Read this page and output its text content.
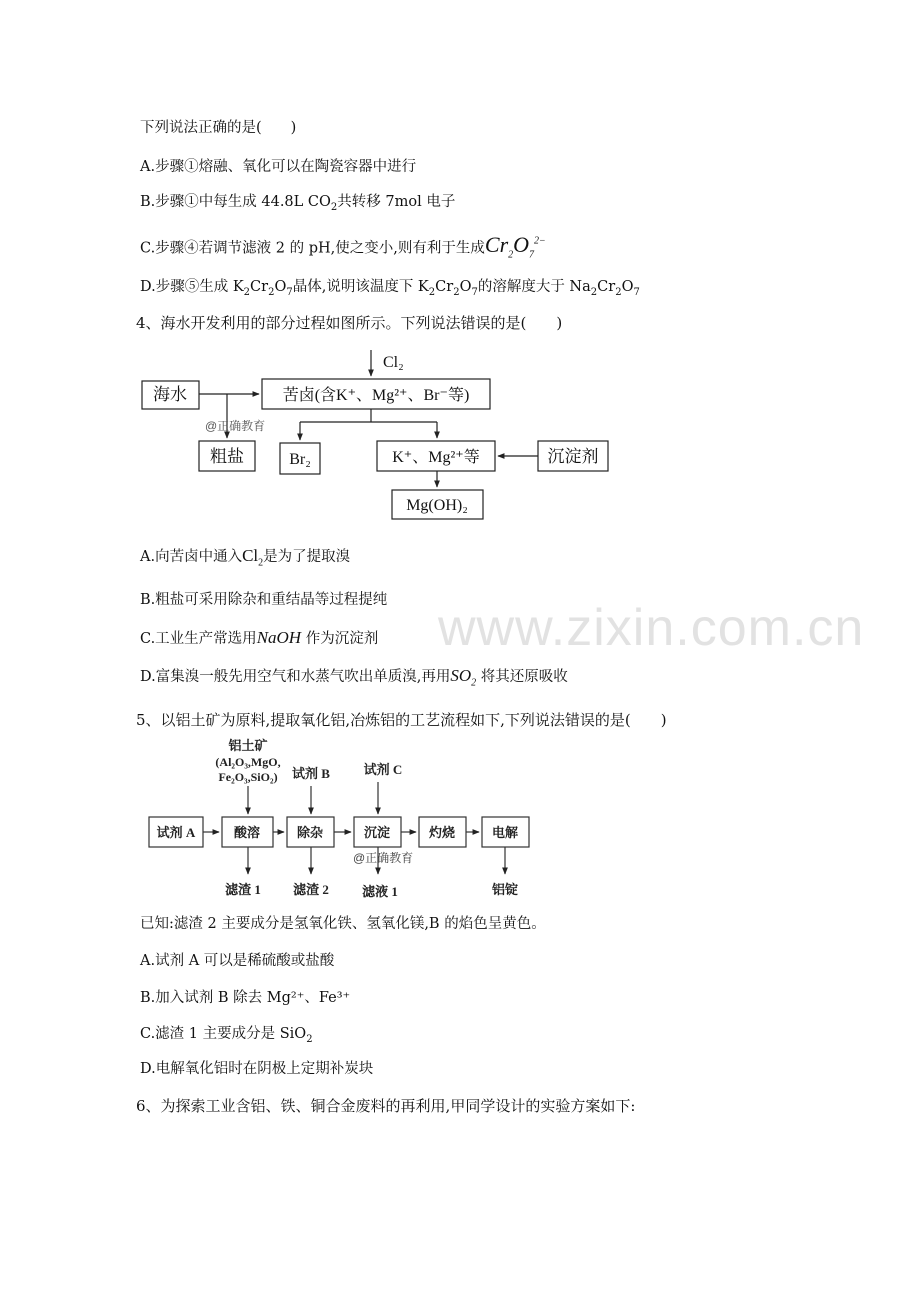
下列说法正确的是(　　)
A.步骤①熔融、氧化可以在陶瓷容器中进行
B.步骤①中每生成 44.8L $CO_2$共转移 7mol 电子
C.步骤④若调节滤液 2 的 pH,使之变小,则有利于生成$Cr_2O_7^{2-}$
D.步骤⑤生成 $K_2Cr_2O_7$晶体,说明该温度下 $K_2Cr_2O_7$的溶解度大于 $Na_2Cr_2O_7$
4、海水开发利用的部分过程如图所示。下列说法错误的是(　　)
Cl₂
海水	苦卤(含K⁺、Mg²⁺、Br⁻等)
粗盐	Br₂	K⁺、Mg²⁺等	沉淀剂
Mg(OH)₂
@正确教育
A.向苦卤中通入$Cl_2$是为了提取溴
B.粗盐可采用除杂和重结晶等过程提纯
C.工业生产常选用NaOH 作为沉淀剂
D.富集溴一般先用空气和水蒸气吹出单质溴,再用$SO_2$ 将其还原吸收
www.zixin.com.cn
5、以铝土矿为原料,提取氧化铝,冶炼铝的工艺流程如下,下列说法错误的是(　　)
铝土矿
(Al₂O₃,MgO,
Fe₂O₃,SiO₂) 试剂 B	试剂 C
试剂 A	酸溶	除杂	沉淀	灼烧	电解
滤渣 1 滤渣 2	滤液 1	铝锭
@正确教育
已知:滤渣 2 主要成分是氢氧化铁、氢氧化镁,B 的焰色呈黄色。
A.试剂 A 可以是稀硫酸或盐酸
B.加入试剂 B 除去 Mg²⁺、Fe³⁺
C.滤渣 1 主要成分是 SiO$_2$
D.电解氧化铝时在阴极上定期补炭块
6、为探索工业含铝、铁、铜合金废料的再利用,甲同学设计的实验方案如下:
